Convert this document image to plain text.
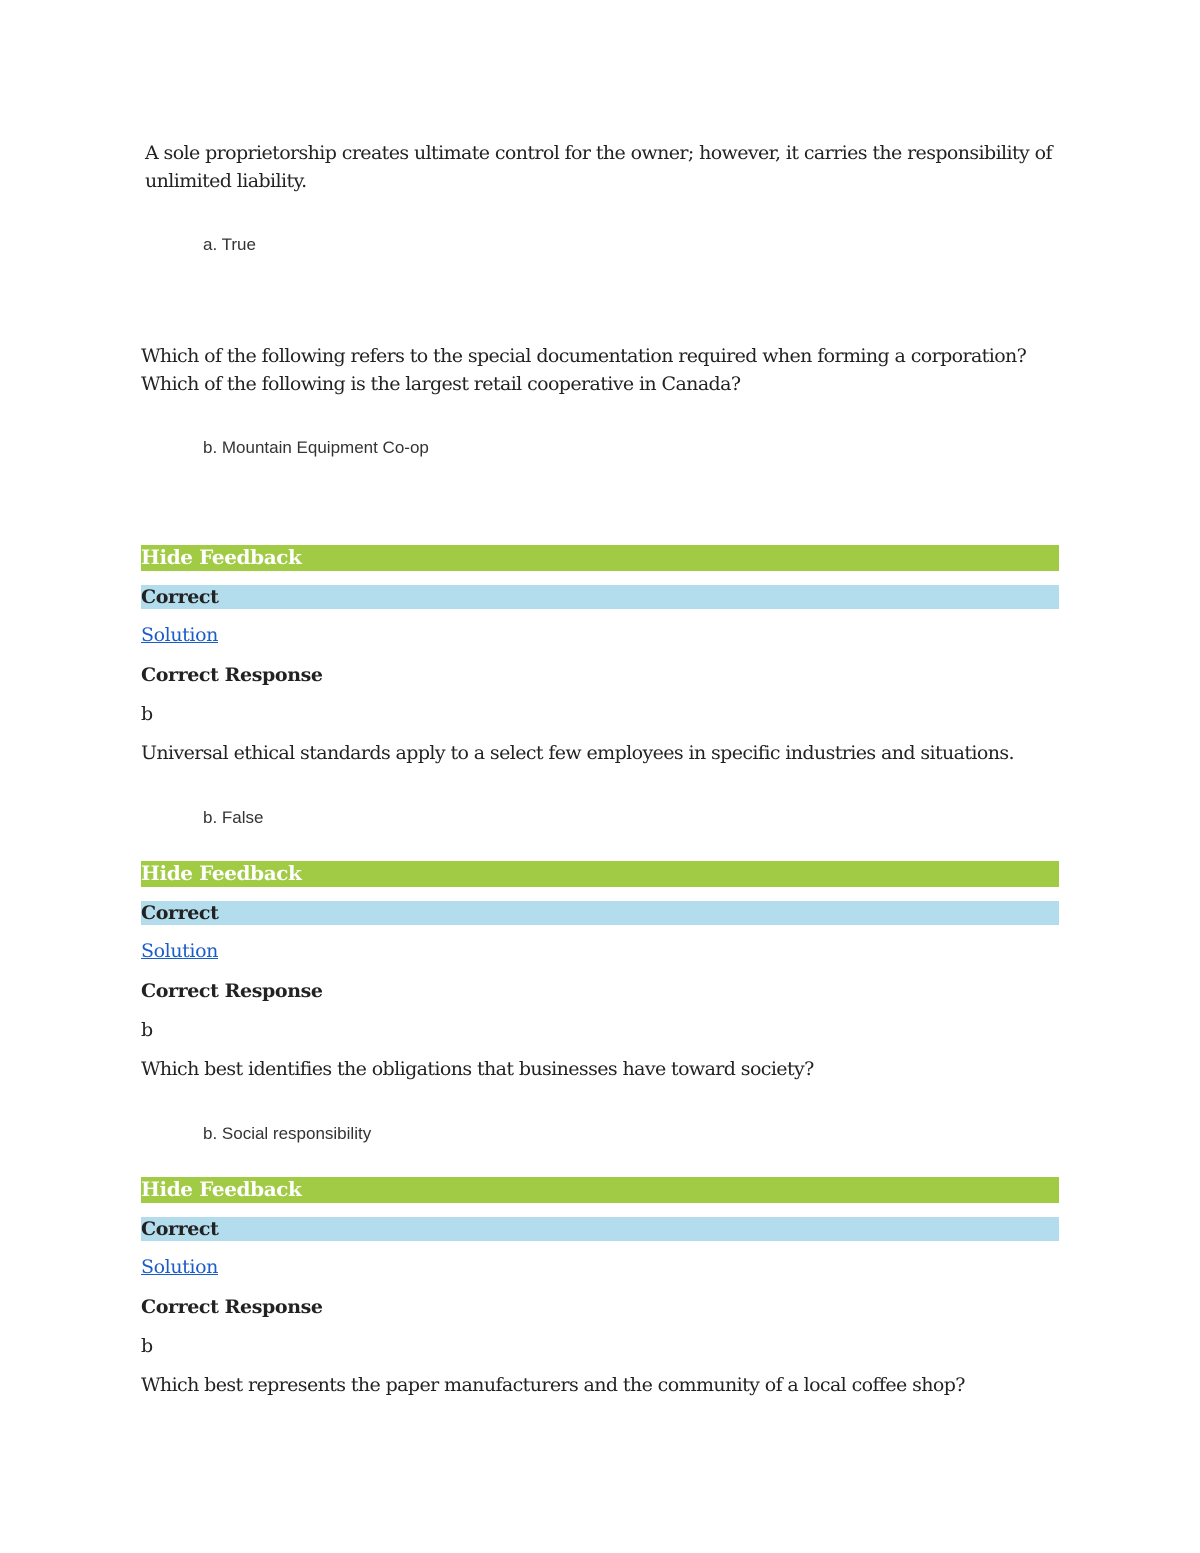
A sole proprietorship creates ultimate control for the owner; however, it carries the responsibility of
unlimited liability.
a. True
Which of the following refers to the special documentation required when forming a corporation?
Which of the following is the largest retail cooperative in Canada?
b. Mountain Equipment Co-op
Hide Feedback
Correct
Solution
Correct Response
b
Universal ethical standards apply to a select few employees in specific industries and situations.
b. False
Hide Feedback
Correct
Solution
Correct Response
b
Which best identifies the obligations that businesses have toward society?
b. Social responsibility
Hide Feedback
Correct
Solution
Correct Response
b
Which best represents the paper manufacturers and the community of a local coffee shop?
